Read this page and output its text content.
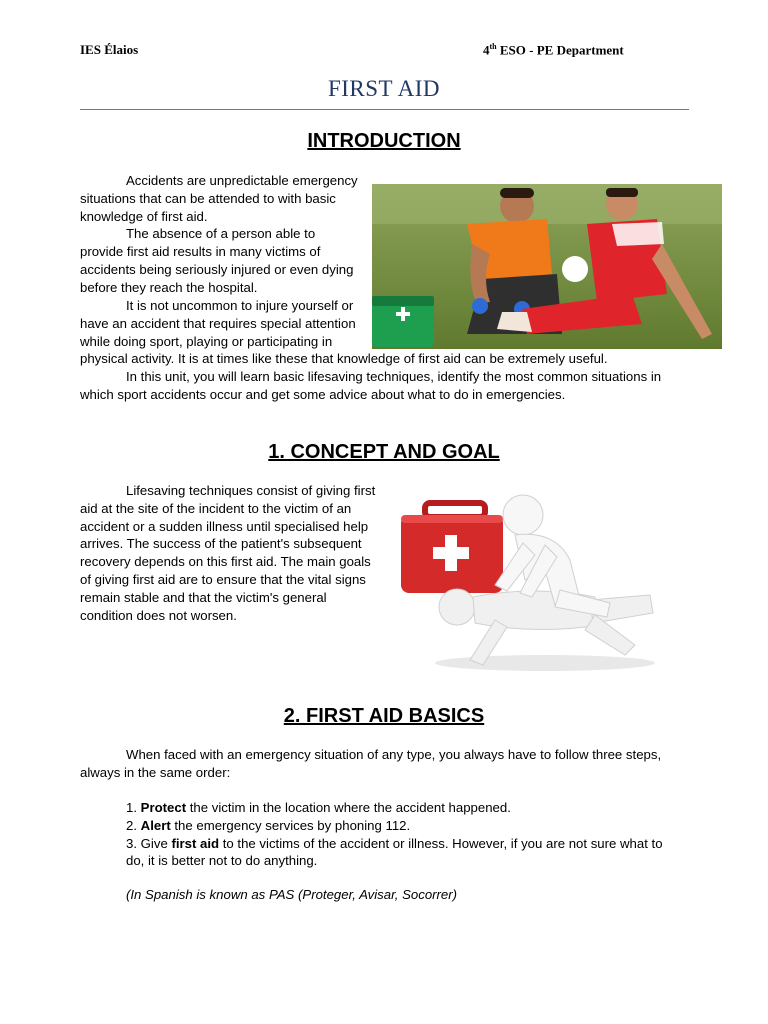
IES Élaios	4th ESO - PE Department
FIRST AID
INTRODUCTION

Accidents are unpredictable emergency situations that can be attended to with basic knowledge of first aid.

The absence of a person able to provide first aid results in many victims of accidents being seriously injured or even dying before they reach the hospital.

It is not uncommon to injure yourself or have an accident that requires special attention while doing sport, playing or participating in physical activity. It is at times like these that knowledge of first aid can be extremely useful.

In this unit, you will learn basic lifesaving techniques, identify the most common situations in which sport accidents occur and get some advice about what to do in emergencies.

1. CONCEPT AND GOAL

Lifesaving techniques consist of giving first aid at the site of the incident to the victim of an accident or a sudden illness until specialised help arrives. The success of the patient's subsequent recovery depends on this first aid. The main goals of giving first aid are to ensure that the vital signs remain stable and that the victim's general condition does not worsen.

2. FIRST AID BASICS

When faced with an emergency situation of any type, you always have to follow three steps, always in the same order:

1. Protect the victim in the location where the accident happened.

2. Alert the emergency services by phoning 112.

3. Give first aid to the victims of the accident or illness. However, if you are not sure what to do, it is better not to do anything.

(In Spanish is known as PAS (Proteger, Avisar, Socorrer)
